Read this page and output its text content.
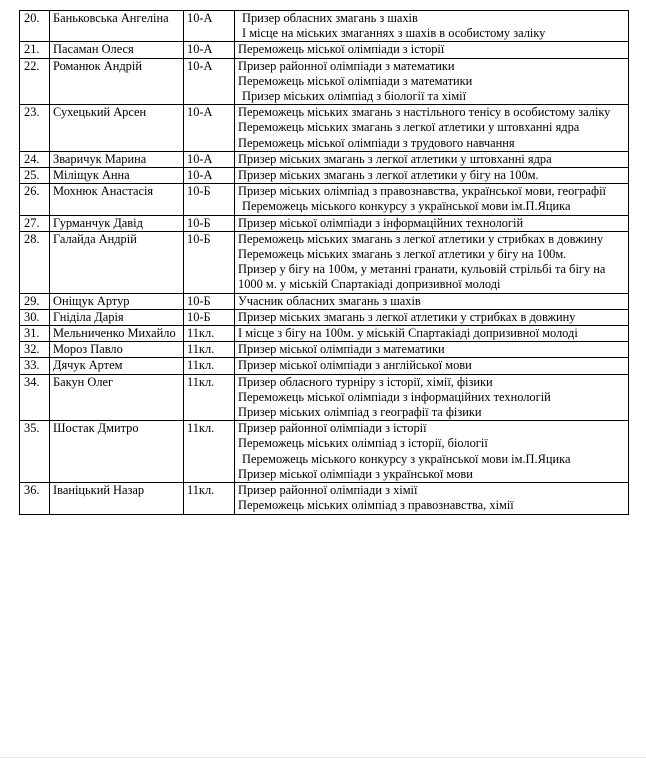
20.	Баньковська Ангеліна	10-А	Призер обласних змагань з шахів
І місце на міських змаганнях з шахів в особистому заліку

21.	Пасаман Олеся	10-А	Переможець міської олімпіади з історії

22.	Романюк Андрій	10-А	Призер районної олімпіади з математики
Переможець міської олімпіади з математики
Призер міських олімпіад з біології та хімії

23.	Сухецький Арсен	10-А	Переможець міських змагань з настільного тенісу в особистому заліку
Переможець міських змагань з легкої атлетики у штовханні ядра
Переможець міської олімпіади з трудового навчання

24.	Зваричук Марина	10-А	Призер міських змагань з легкої атлетики у штовханні ядра

25.	Міліщук Анна	10-А	Призер міських змагань з легкої атлетики у бігу на 100м.

26.	Мохнюк Анастасія	10-Б	Призер міських олімпіад з правознавства, української мови, географії
Переможець міського конкурсу з української мови ім.П.Яцика

27.	Гурманчук Давід	10-Б	Призер міської олімпіади з інформаційних технологій

28.	Галайда Андрій	10-Б	Переможець міських змагань з легкої атлетики у стрибках в довжину
Переможець міських змагань з легкої атлетики у бігу на 100м.
Призер у бігу на 100м, у метанні гранати, кульовій стрільбі та бігу на 1000 м. у міській Спартакіаді допризивної молоді

29.	Оніщук Артур	10-Б	Учасник обласних змагань з шахів

30.	Гніділа Дарія	10-Б	Призер міських змагань з легкої атлетики у стрибках в довжину

31.	Мельниченко Михайло	11кл.	І місце з бігу на 100м. у міській Спартакіаді допризивної молоді

32.	Мороз Павло	11кл.	Призер міської олімпіади з математики

33.	Дячук Артем	11кл.	Призер міської олімпіади з англійської мови

34.	Бакун Олег	11кл.	Призер обласного турніру з історії, хімії, фізики
Переможець міської олімпіади з інформаційних технологій
Призер міських олімпіад з географії та фізики

35.	Шостак Дмитро	11кл.	Призер районної олімпіади з історії
Переможець міських олімпіад з історії, біології
Переможець міського конкурсу з української мови ім.П.Яцика
Призер міської олімпіади з української мови

36.	Іваніцький Назар	11кл.	Призер районної олімпіади з хімії
Переможець міських олімпіад з правознавства, хімії
